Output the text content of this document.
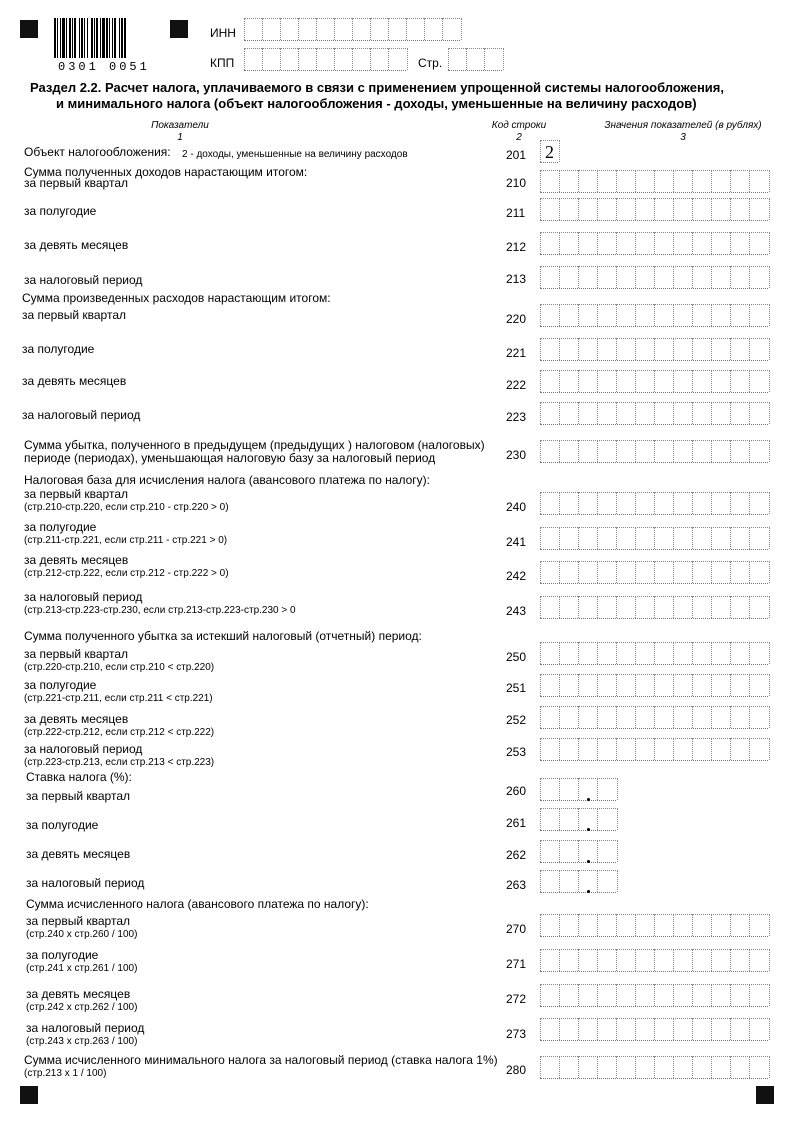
0301 0051
ИНН
КПП	Стр.
Раздел 2.2. Расчет налога, уплачиваемого в связи с применением упрощенной системы налогообложения,
и минимального налога (объект налогообложения - доходы, уменьшенные на величину расходов)
Показатели
1
Код строки
2
Значения показателей (в рублях)
3
Объект налогообложения: 2 - доходы, уменьшенные на величину расходов	201 2
Сумма полученных доходов нарастающим итогом:
Сумма произведенных расходов нарастающим итогом:
Налоговая база для исчисления налога (авансового платежа по налогу):
Сумма полученного убытка за истекший налоговый (отчетный) период:
Ставка налога (%):
Сумма исчисленного налога (авансового платежа по налогу):
за первый квартал	210
за полугодие	211
за девять месяцев	212
за налоговый период	213
за первый квартал	220
за полугодие	221
за девять месяцев	222
за налоговый период	223
Сумма убытка, полученного в предыдущем (предыдущих ) налоговом (налоговых)
периоде (периодах), уменьшающая налоговую базу за налоговый период	230
за первый квартал
(стр.210-стр.220, если стр.210 - стр.220 > 0)	240
за полугодие
(стр.211-стр.221, если стр.211 - стр.221 > 0)	241
за девять месяцев
(стр.212-стр.222, если стр.212 - стр.222 > 0)	242
за налоговый период
(стр.213-стр.223-стр.230, если стр.213-стр.223-стр.230 > 0	243
за первый квартал
(стр.220-стр.210, если стр.210 < стр.220)
250
за полугодие
(стр.221-стр.211, если стр.211 < стр.221)
251
за девять месяцев
(стр.222-стр.212, если стр.212 < стр.222)
252
за налоговый период
(стр.223-стр.213, если стр.213 < стр.223)
253
за первый квартал	260
за полугодие	261
за девять месяцев	262
за налоговый период	263
за первый квартал
(стр.240 х стр.260 / 100)	270
за полугодие
(стр.241 х стр.261 / 100)	271
за девять месяцев
(стр.242 х стр.262 / 100)
272
за налоговый период
(стр.243 х стр.263 / 100)
273
Сумма исчисленного минимального налога за налоговый период (ставка налога 1%)
(стр.213 х 1 / 100)	280
